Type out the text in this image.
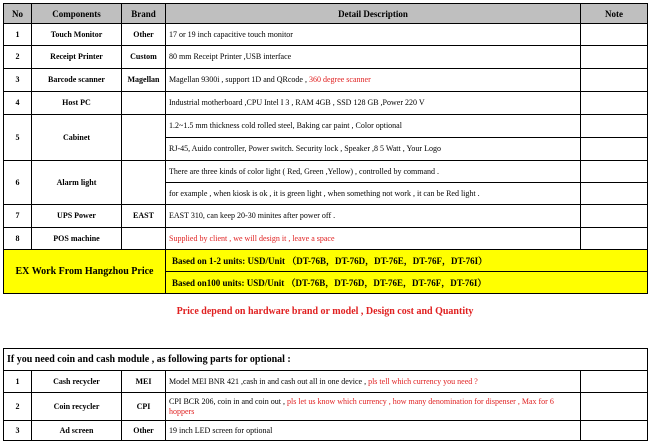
No	Components	Brand	Detail Description	Note
1	Touch Monitor	Other	17 or 19 inch capacitive touch monitor	
2	Receipt Printer	Custom	80 mm Receipt Printer ,USB interface	
3	Barcode scanner	Magellan	Magellan 9300i , support 1D and QRcode , 360 degree scanner	
4	Host PC		Industrial motherboard ,CPU Intel I 3 , RAM 4GB , SSD 128 GB ,Power 220 V	
5	Cabinet		1.2~1.5 mm thickness cold rolled steel, Baking car paint , Color optional	
			RJ-45, Auido controller, Power switch. Security lock , Speaker ,8 5 Watt , Your Logo	
6	Alarm light		There are three kinds of color light ( Red, Green ,Yellow) , controlled by command .	
			for example , when kiosk is ok , it is green light , when something not work , it can be Red light .	
7	UPS Power	EAST	EAST 310, can keep 20-30 minites after power off .	
8	POS machine		Supplied by client , we will design it , leave a space	
EX Work From Hangzhou Price			Based on 1-2 units: USD/Unit （DT-76B，DT-76D，DT-76E，DT-76F，DT-76I）	
			Based on100 units: USD/Unit （DT-76B，DT-76D，DT-76E，DT-76F，DT-76I）	
Price depend on hardware brand or model , Design cost and Quantity
If you need coin and cash module , as following parts for optional :				
1	Cash recycler	MEI	Model MEI BNR 421 ,cash in and cash out all in one device , pls tell which currency you need ?	
2	Coin recycler	CPI	CPI BCR 206, coin in and coin out , pls let us know which currency , how many denomination for dispenser , Max for 6 hoppers	
3	Ad screen	Other	19 inch LED screen for optional	
